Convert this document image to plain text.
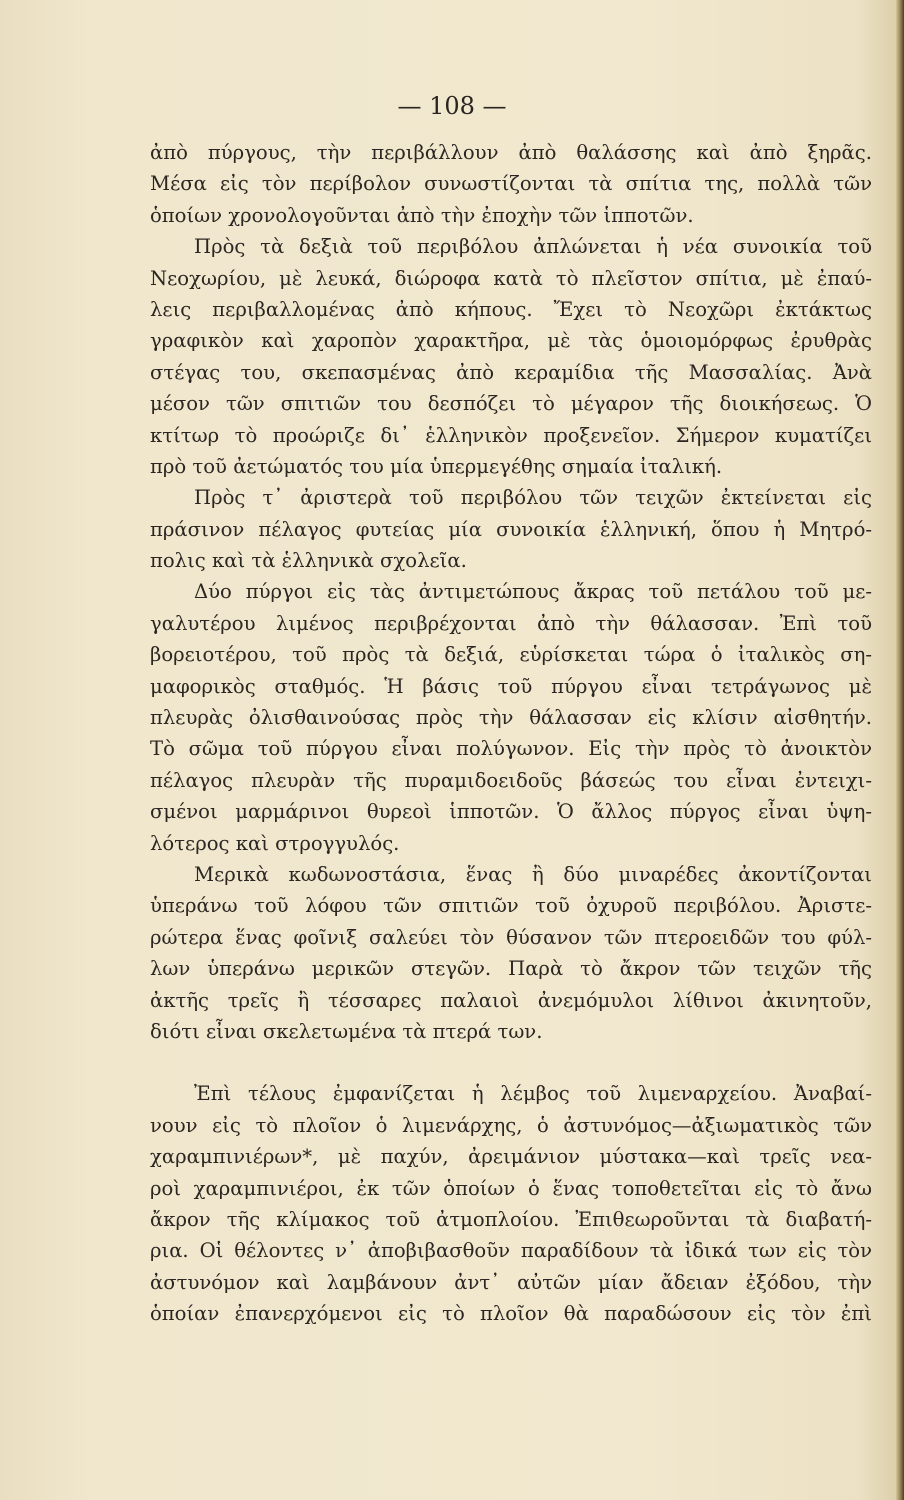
— 108 —
ἀπὸ πύργους, τὴν περιβάλλουν ἀπὸ θαλάσσης καὶ ἀπὸ ξηρᾶς.
Μέσα εἰς τὸν περίβολον συνωστίζονται τὰ σπίτια της, πολλὰ τῶν
ὁποίων χρονολογοῦνται ἀπὸ τὴν ἐποχὴν τῶν ἱπποτῶν.
Πρὸς τὰ δεξιὰ τοῦ περιβόλου ἀπλώνεται ἡ νέα συνοικία τοῦ
Νεοχωρίου, μὲ λευκά, διώροφα κατὰ τὸ πλεῖστον σπίτια, μὲ ἐπαύ-
λεις περιβαλλομένας ἀπὸ κήπους. Ἔχει τὸ Νεοχῶρι ἐκτάκτως
γραφικὸν καὶ χαροπὸν χαρακτῆρα, μὲ τὰς ὁμοιομόρφως ἐρυθρὰς
στέγας του, σκεπασμένας ἀπὸ κεραμίδια τῆς Μασσαλίας. Ἀνὰ
μέσον τῶν σπιτιῶν του δεσπόζει τὸ μέγαρον τῆς διοικήσεως. Ὁ
κτίτωρ τὸ προώριζε δι᾿ ἑλληνικὸν προξενεῖον. Σήμερον κυματίζει
πρὸ τοῦ ἀετώματός του μία ὑπερμεγέθης σημαία ἰταλική.
Πρὸς τ᾿ ἀριστερὰ τοῦ περιβόλου τῶν τειχῶν ἐκτείνεται εἰς
πράσινον πέλαγος φυτείας μία συνοικία ἑλληνική, ὅπου ἡ Μητρό-
πολις καὶ τὰ ἑλληνικὰ σχολεῖα.
Δύο πύργοι εἰς τὰς ἀντιμετώπους ἄκρας τοῦ πετάλου τοῦ με-
γαλυτέρου λιμένος περιβρέχονται ἀπὸ τὴν θάλασσαν. Ἐπὶ τοῦ
βορειοτέρου, τοῦ πρὸς τὰ δεξιά, εὑρίσκεται τώρα ὁ ἰταλικὸς ση-
μαφορικὸς σταθμός. Ἡ βάσις τοῦ πύργου εἶναι τετράγωνος μὲ
πλευρὰς ὀλισθαινούσας πρὸς τὴν θάλασσαν εἰς κλίσιν αἰσθητήν.
Τὸ σῶμα τοῦ πύργου εἶναι πολύγωνον. Εἰς τὴν πρὸς τὸ ἀνοικτὸν
πέλαγος πλευρὰν τῆς πυραμιδοειδοῦς βάσεώς του εἶναι ἐντειχι-
σμένοι μαρμάρινοι θυρεοὶ ἱπποτῶν. Ὁ ἄλλος πύργος εἶναι ὑψη-
λότερος καὶ στρογγυλός.
Μερικὰ κωδωνοστάσια, ἕνας ἢ δύο μιναρέδες ἀκοντίζονται
ὑπεράνω τοῦ λόφου τῶν σπιτιῶν τοῦ ὀχυροῦ περιβόλου. Ἀριστε-
ρώτερα ἕνας φοῖνιξ σαλεύει τὸν θύσανον τῶν πτεροειδῶν του φύλ-
λων ὑπεράνω μερικῶν στεγῶν. Παρὰ τὸ ἄκρον τῶν τειχῶν τῆς
ἀκτῆς τρεῖς ἢ τέσσαρες παλαιοὶ ἀνεμόμυλοι λίθινοι ἀκινητοῦν,
διότι εἶναι σκελετωμένα τὰ πτερά των.
Ἐπὶ τέλους ἐμφανίζεται ἡ λέμβος τοῦ λιμεναρχείου. Ἀναβαί-
νουν εἰς τὸ πλοῖον ὁ λιμενάρχης, ὁ ἀστυνόμος—ἀξιωματικὸς τῶν
χαραμπινιέρων*, μὲ παχύν, ἀρειμάνιον μύστακα—καὶ τρεῖς νεα-
ροὶ χαραμπινιέροι, ἐκ τῶν ὁποίων ὁ ἕνας τοποθετεῖται εἰς τὸ ἄνω
ἄκρον τῆς κλίμακος τοῦ ἀτμοπλοίου. Ἐπιθεωροῦνται τὰ διαβατή-
ρια. Οἱ θέλοντες ν᾿ ἀποβιβασθοῦν παραδίδουν τὰ ἰδικά των εἰς τὸν
ἀστυνόμον καὶ λαμβάνουν ἀντ᾿ αὐτῶν μίαν ἄδειαν ἐξόδου, τὴν
ὁποίαν ἐπανερχόμενοι εἰς τὸ πλοῖον θὰ παραδώσουν εἰς τὸν ἐπὶ
